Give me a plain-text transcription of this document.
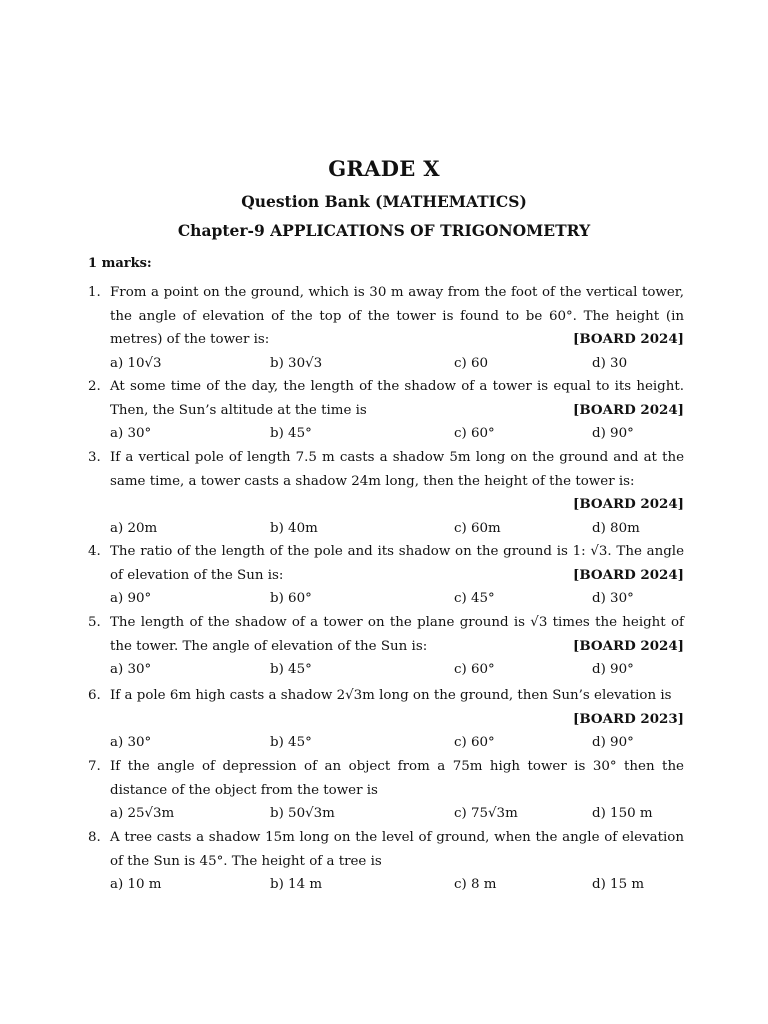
GRADE X
Question Bank (MATHEMATICS)
Chapter-9 APPLICATIONS OF TRIGONOMETRY
1 marks:
1. From a point on the ground, which is 30 m away from the foot of the vertical tower, the angle of elevation of the top of the tower is found to be 60°. The height (in metres) of the tower is:	[BOARD 2024]
a) 10√3	b) 30√3	c) 60	d) 30
2. At some time of the day, the length of the shadow of a tower is equal to its height. Then, the Sun’s altitude at the time is	[BOARD 2024]
a) 30°	b) 45°	c) 60°	d) 90°
3. If a vertical pole of length 7.5 m casts a shadow 5m long on the ground and at the same time, a tower casts a shadow 24m long, then the height of the tower is:
[BOARD 2024]
a) 20m	b) 40m	c) 60m	d) 80m
4. The ratio of the length of the pole and its shadow on the ground is 1: √3. The angle of elevation of the Sun is:	[BOARD 2024]
a) 90°	b) 60°	c) 45°	d) 30°
5. The length of the shadow of a tower on the plane ground is √3 times the height of the tower. The angle of elevation of the Sun is:	[BOARD 2024]
a) 30°	b) 45°	c) 60°	d) 90°
6. If a pole 6m high casts a shadow 2√3m long on the ground, then Sun’s elevation is
[BOARD 2023]
a) 30°	b) 45°	c) 60°	d) 90°
7. If the angle of depression of an object from a 75m high tower is 30° then the distance of the object from the tower is
a) 25√3m	b) 50√3m	c) 75√3m	d) 150 m
8. A tree casts a shadow 15m long on the level of ground, when the angle of elevation of the Sun is 45°. The height of a tree is
a) 10 m	b) 14 m	c) 8 m	d) 15 m
